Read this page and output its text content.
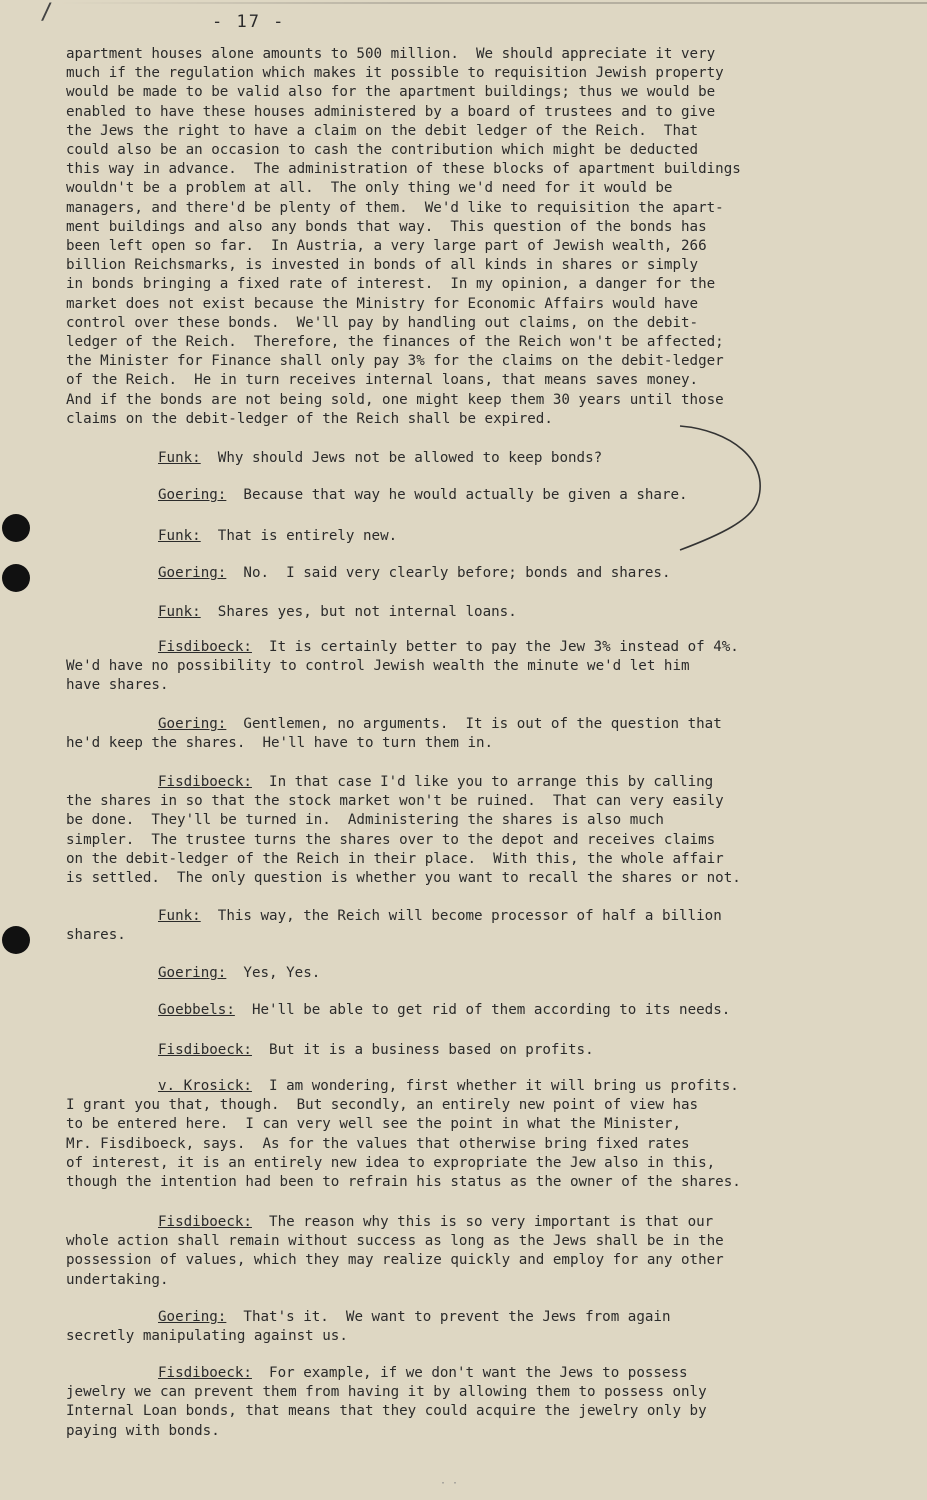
/	- 17 -
apartment houses alone amounts to 500 million.  We should appreciate it very
much if the regulation which makes it possible to requisition Jewish property
would be made to be valid also for the apartment buildings; thus we would be
enabled to have these houses administered by a board of trustees and to give
the Jews the right to have a claim on the debit ledger of the Reich.  That
could also be an occasion to cash the contribution which might be deducted
this way in advance.  The administration of these blocks of apartment buildings
wouldn't be a problem at all.  The only thing we'd need for it would be
managers, and there'd be plenty of them.  We'd like to requisition the apart-
ment buildings and also any bonds that way.  This question of the bonds has
been left open so far.  In Austria, a very large part of Jewish wealth, 266
billion Reichsmarks, is invested in bonds of all kinds in shares or simply
in bonds bringing a fixed rate of interest.  In my opinion, a danger for the
market does not exist because the Ministry for Economic Affairs would have
control over these bonds.  We'll pay by handling out claims, on the debit-
ledger of the Reich.  Therefore, the finances of the Reich won't be affected;
the Minister for Finance shall only pay 3% for the claims on the debit-ledger
of the Reich.  He in turn receives internal loans, that means saves money.
And if the bonds are not being sold, one might keep them 30 years until those
claims on the debit-ledger of the Reich shall be expired.
Funk:  Why should Jews not be allowed to keep bonds?
Goering:  Because that way he would actually be given a share.
Funk:  That is entirely new.
Goering:  No.  I said very clearly before; bonds and shares.
Funk:  Shares yes, but not internal loans.
Fisdiboeck:  It is certainly better to pay the Jew 3% instead of 4%.
We'd have no possibility to control Jewish wealth the minute we'd let him
have shares.
Goering:  Gentlemen, no arguments.  It is out of the question that
he'd keep the shares.  He'll have to turn them in.
Fisdiboeck:  In that case I'd like you to arrange this by calling
the shares in so that the stock market won't be ruined.  That can very easily
be done.  They'll be turned in.  Administering the shares is also much
simpler.  The trustee turns the shares over to the depot and receives claims
on the debit-ledger of the Reich in their place.  With this, the whole affair
is settled.  The only question is whether you want to recall the shares or not.
Funk:  This way, the Reich will become processor of half a billion
shares.
Goering:  Yes, Yes.
Goebbels:  He'll be able to get rid of them according to its needs.
Fisdiboeck:  But it is a business based on profits.
v. Krosick:  I am wondering, first whether it will bring us profits.
I grant you that, though.  But secondly, an entirely new point of view has
to be entered here.  I can very well see the point in what the Minister,
Mr. Fisdiboeck, says.  As for the values that otherwise bring fixed rates
of interest, it is an entirely new idea to expropriate the Jew also in this,
though the intention had been to refrain his status as the owner of the shares.
Fisdiboeck:  The reason why this is so very important is that our
whole action shall remain without success as long as the Jews shall be in the
possession of values, which they may realize quickly and employ for any other
undertaking.
Goering:  That's it.  We want to prevent the Jews from again
secretly manipulating against us.
Fisdiboeck:  For example, if we don't want the Jews to possess
jewelry we can prevent them from having it by allowing them to possess only
Internal Loan bonds, that means that they could acquire the jewelry only by
paying with bonds.
· ·
